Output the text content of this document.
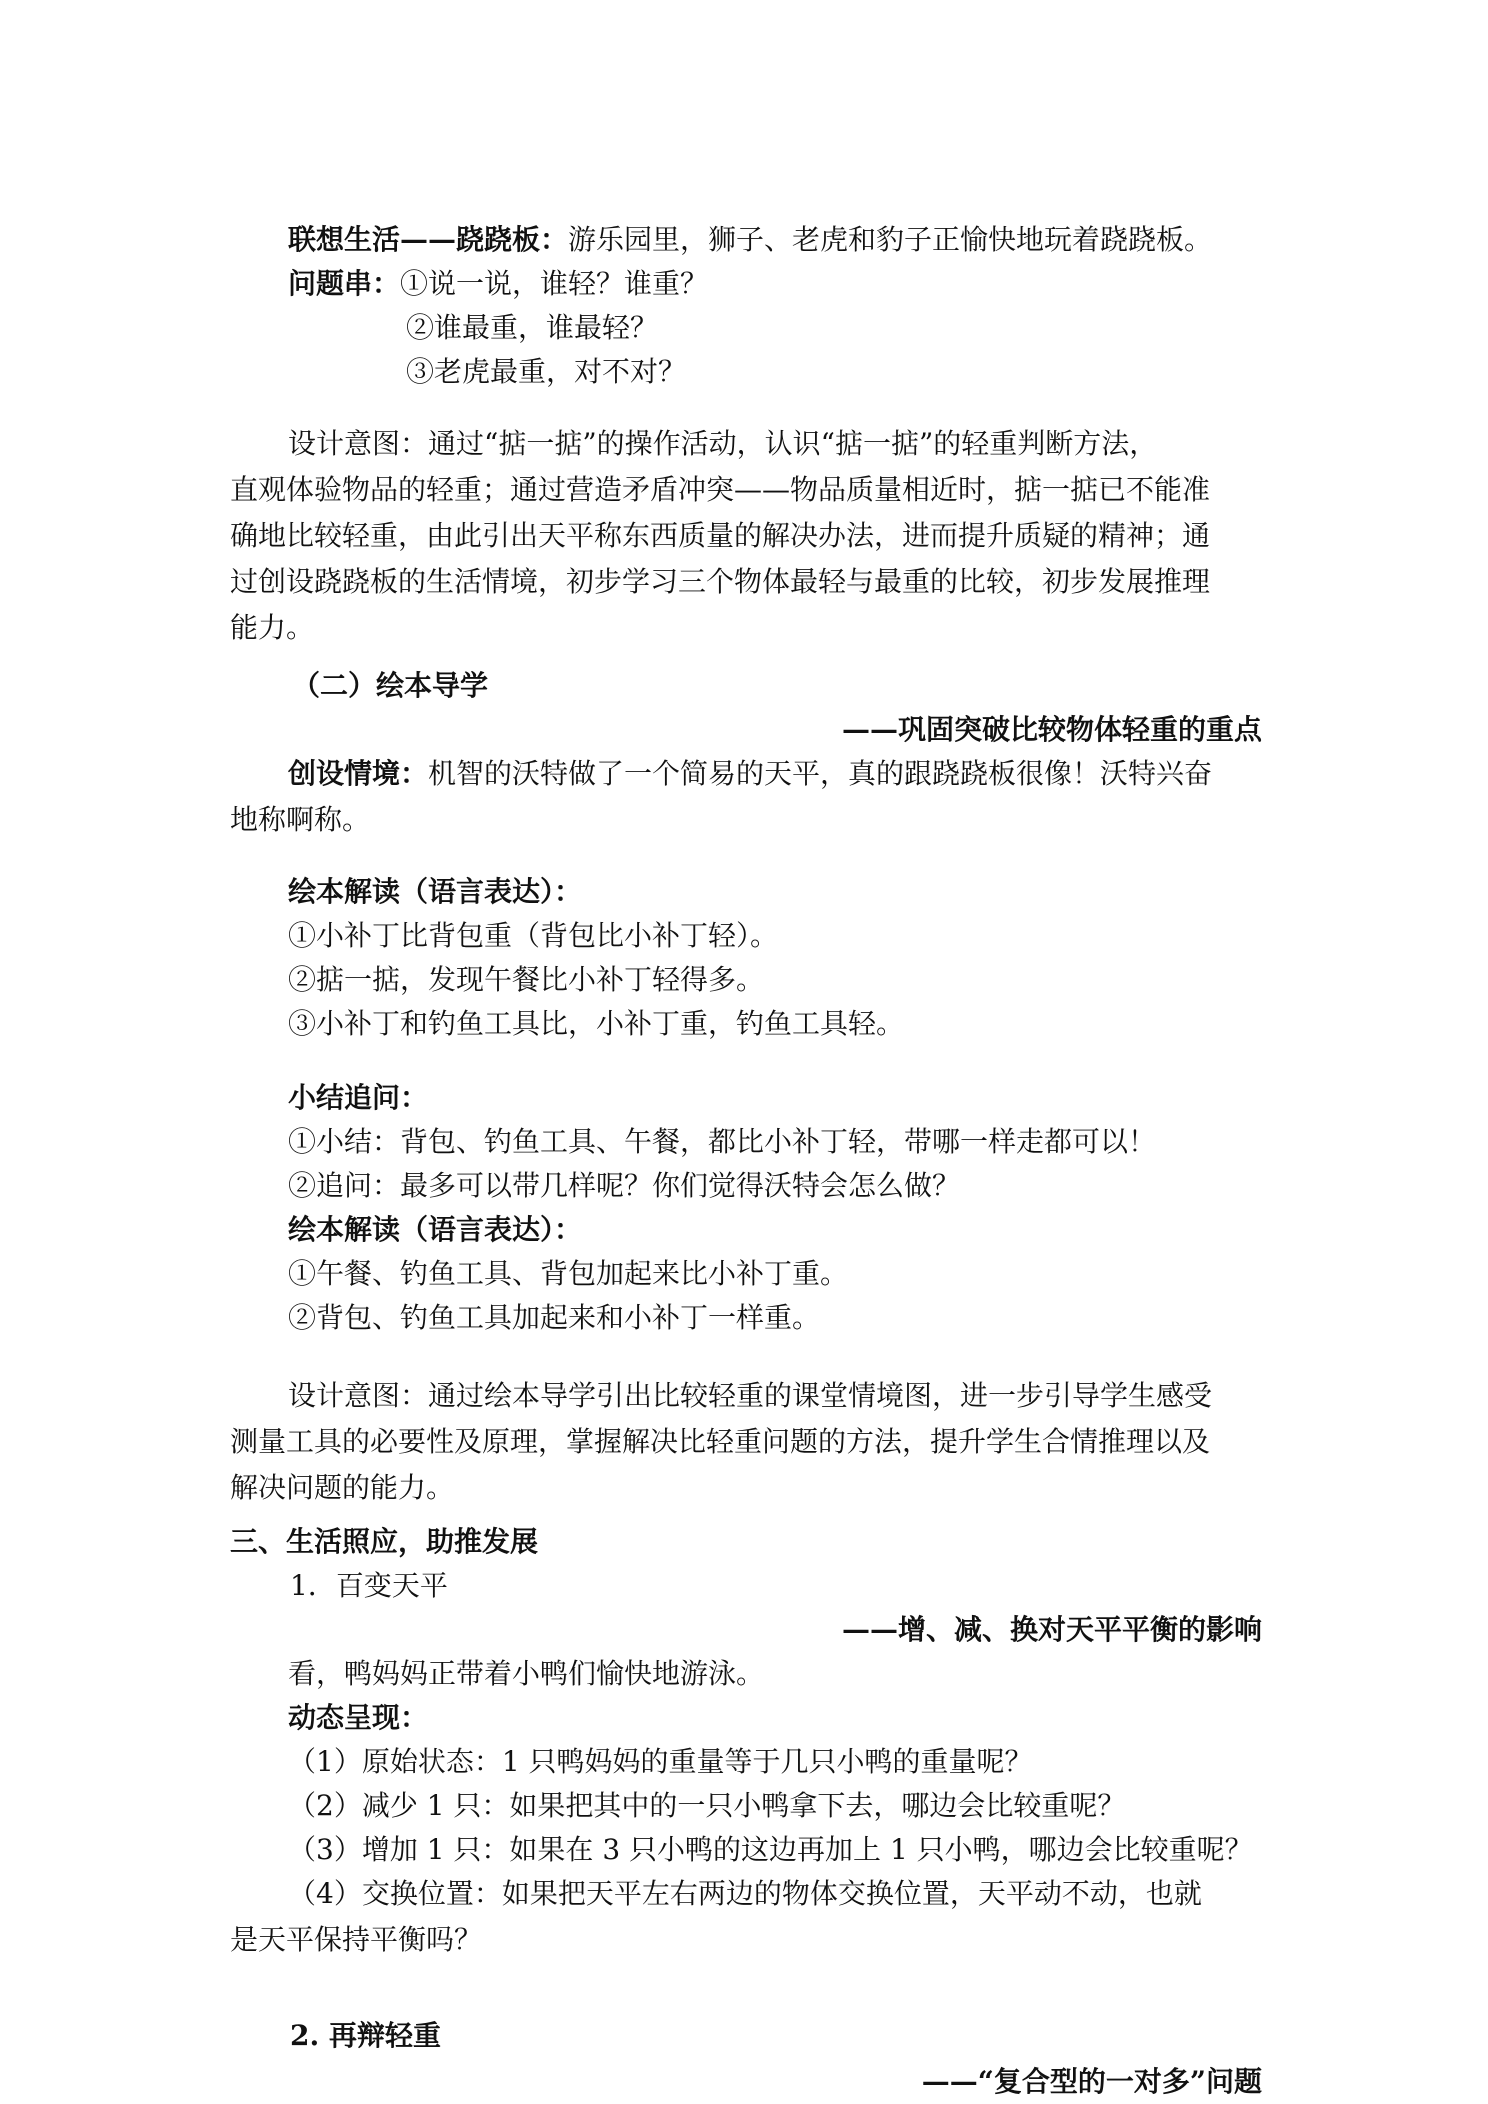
联想生活——跷跷板：游乐园里，狮子、老虎和豹子正愉快地玩着跷跷板。
问题串：①说一说，谁轻？谁重？
②谁最重，谁最轻？
③老虎最重，对不对？
设计意图：通过“掂一掂”的操作活动，认识“掂一掂”的轻重判断方法，
直观体验物品的轻重；通过营造矛盾冲突——物品质量相近时，掂一掂已不能准
确地比较轻重，由此引出天平称东西质量的解决办法，进而提升质疑的精神；通
过创设跷跷板的生活情境，初步学习三个物体最轻与最重的比较，初步发展推理
能力。
（二）绘本导学
——巩固突破比较物体轻重的重点
创设情境：机智的沃特做了一个简易的天平，真的跟跷跷板很像！沃特兴奋
地称啊称。
绘本解读（语言表达）：
①小补丁比背包重（背包比小补丁轻）。
②掂一掂，发现午餐比小补丁轻得多。
③小补丁和钓鱼工具比，小补丁重，钓鱼工具轻。
小结追问：
①小结：背包、钓鱼工具、午餐，都比小补丁轻，带哪一样走都可以！
②追问：最多可以带几样呢？你们觉得沃特会怎么做？
绘本解读（语言表达）：
①午餐、钓鱼工具、背包加起来比小补丁重。
②背包、钓鱼工具加起来和小补丁一样重。
设计意图：通过绘本导学引出比较轻重的课堂情境图，进一步引导学生感受
测量工具的必要性及原理，掌握解决比轻重问题的方法，提升学生合情推理以及
解决问题的能力。
三、生活照应，助推发展
1．百变天平
——增、减、换对天平平衡的影响
看，鸭妈妈正带着小鸭们愉快地游泳。
动态呈现：
（1）原始状态：1 只鸭妈妈的重量等于几只小鸭的重量呢？
（2）减少 1 只：如果把其中的一只小鸭拿下去，哪边会比较重呢？
（3）增加 1 只：如果在 3 只小鸭的这边再加上 1 只小鸭，哪边会比较重呢？
（4）交换位置：如果把天平左右两边的物体交换位置，天平动不动，也就
是天平保持平衡吗？
2. 再辩轻重
——“复合型的一对多”问题
